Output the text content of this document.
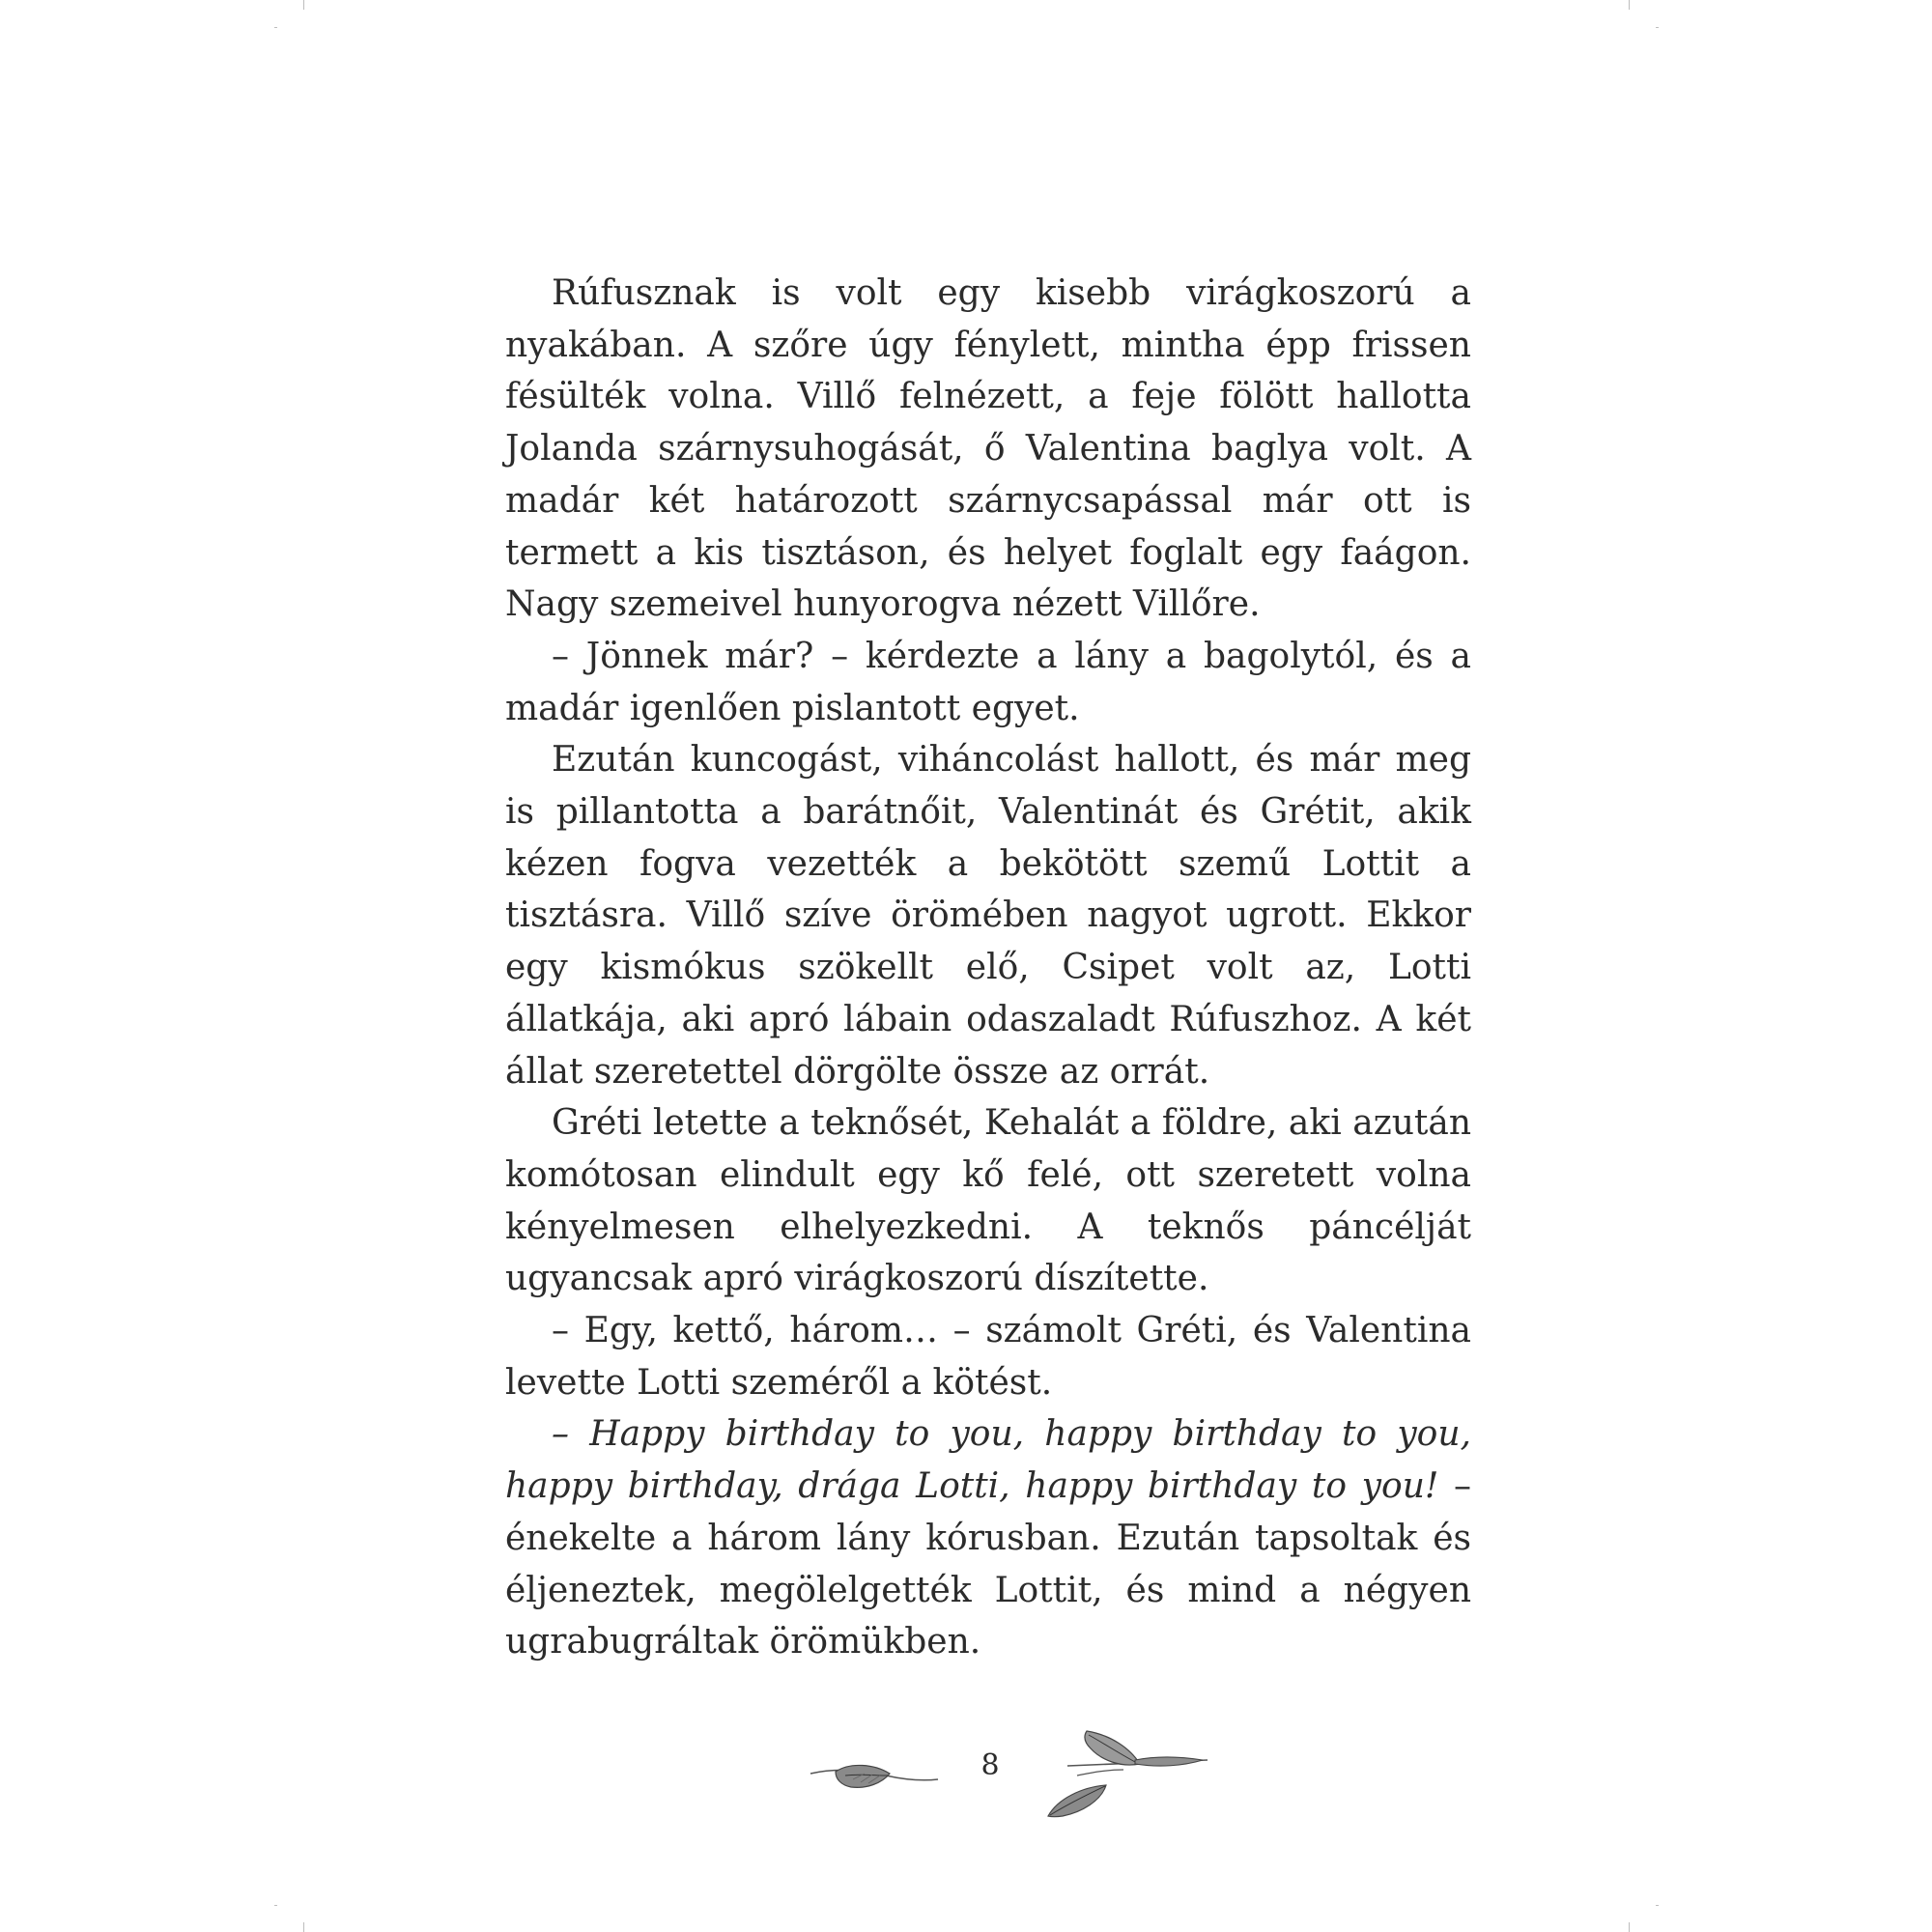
Rúfusznak is volt egy kisebb virágkoszorú a nyakában. A szőre úgy fénylett, mintha épp frissen fésülték volna. Villő felnézett, a feje fölött hallotta Jolanda szárnysuhogását, ő Valentina baglya volt. A madár két határozott szárnycsapással már ott is termett a kis tisztáson, és helyet foglalt egy faágon. Nagy szemeivel hunyorogva nézett Villőre.

– Jönnek már? – kérdezte a lány a bagolytól, és a madár igenlően pislantott egyet.

Ezután kuncogást, viháncolást hallott, és már meg is pillantotta a barátnőit, Valentinát és Grétit, akik kézen fogva vezették a bekötött szemű Lottit a tisztásra. Villő szíve örömében nagyot ugrott. Ekkor egy kismókus szökellt elő, Csipet volt az, Lotti állatkája, aki apró lábain odaszaladt Rúfuszhoz. A két állat szeretettel dörgölte össze az orrát.

Gréti letette a teknősét, Kehalát a földre, aki azután komótosan elindult egy kő felé, ott szeretett volna kényelmesen elhelyezkedni. A teknős páncélját ugyancsak apró virágkoszorú díszítette.

– Egy, kettő, három… – számolt Gréti, és Valentina levette Lotti szeméről a kötést.

– Happy birthday to you, happy birthday to you, happy birthday, drága Lotti, happy birthday to you! – énekelte a három lány kórusban. Ezután tapsoltak és éljeneztek, megölelgették Lottit, és mind a négyen ugrabugráltak örömükben.

8
